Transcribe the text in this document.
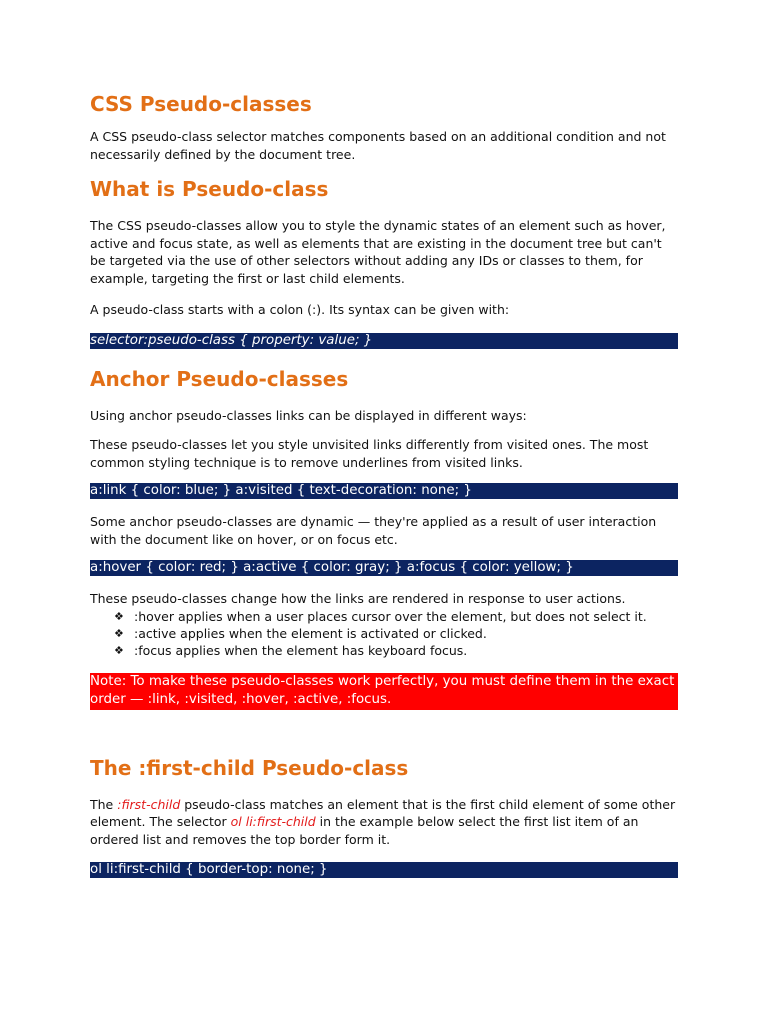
CSS Pseudo-classes

A CSS pseudo-class selector matches components based on an additional condition and not necessarily defined by the document tree.

What is Pseudo-class

The CSS pseudo-classes allow you to style the dynamic states of an element such as hover, active and focus state, as well as elements that are existing in the document tree but can't be targeted via the use of other selectors without adding any IDs or classes to them, for example, targeting the first or last child elements.

A pseudo-class starts with a colon (:). Its syntax can be given with:

selector:pseudo-class { property: value; }
Anchor Pseudo-classes

Using anchor pseudo-classes links can be displayed in different ways:

These pseudo-classes let you style unvisited links differently from visited ones. The most common styling technique is to remove underlines from visited links.

a:link { color: blue; } a:visited { text-decoration: none; }

Some anchor pseudo-classes are dynamic — they're applied as a result of user interaction with the document like on hover, or on focus etc.

a:hover { color: red; } a:active { color: gray; } a:focus { color: yellow; }

These pseudo-classes change how the links are rendered in response to user actions.

❖ :hover applies when a user places cursor over the element, but does not select it.
❖ :active applies when the element is activated or clicked.
❖ :focus applies when the element has keyboard focus.
Note: To make these pseudo-classes work perfectly, you must define them in the exact order — :link, :visited, :hover, :active, :focus.
The :first-child Pseudo-class

The :first-child pseudo-class matches an element that is the first child element of some other element. The selector ol li:first-child in the example below select the first list item of an ordered list and removes the top border form it.

ol li:first-child { border-top: none; }
